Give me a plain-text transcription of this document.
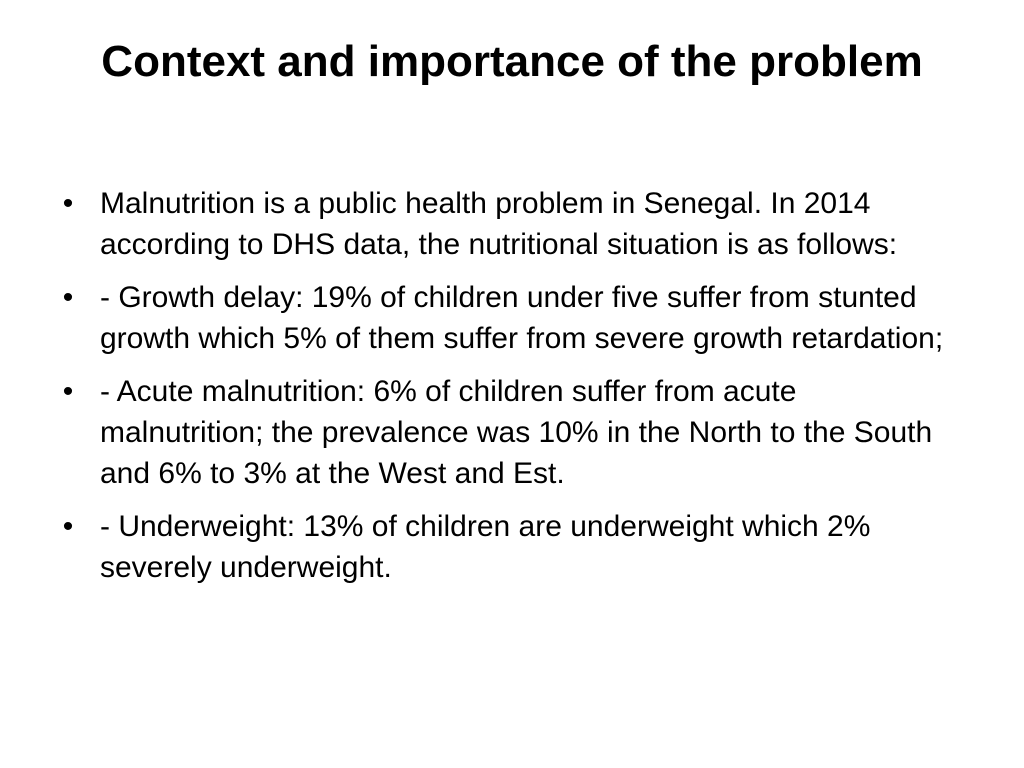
Context and importance of the problem
• Malnutrition is a public health problem in Senegal. In 2014 according to DHS data, the nutritional situation is as follows:
• - Growth delay: 19% of children under five suffer from stunted growth which 5% of them suffer from severe growth retardation;
• - Acute malnutrition: 6% of children suffer from acute malnutrition; the prevalence was 10% in the North to the South and 6% to 3% at the West and Est.
• - Underweight: 13% of children are underweight which 2% severely underweight.
